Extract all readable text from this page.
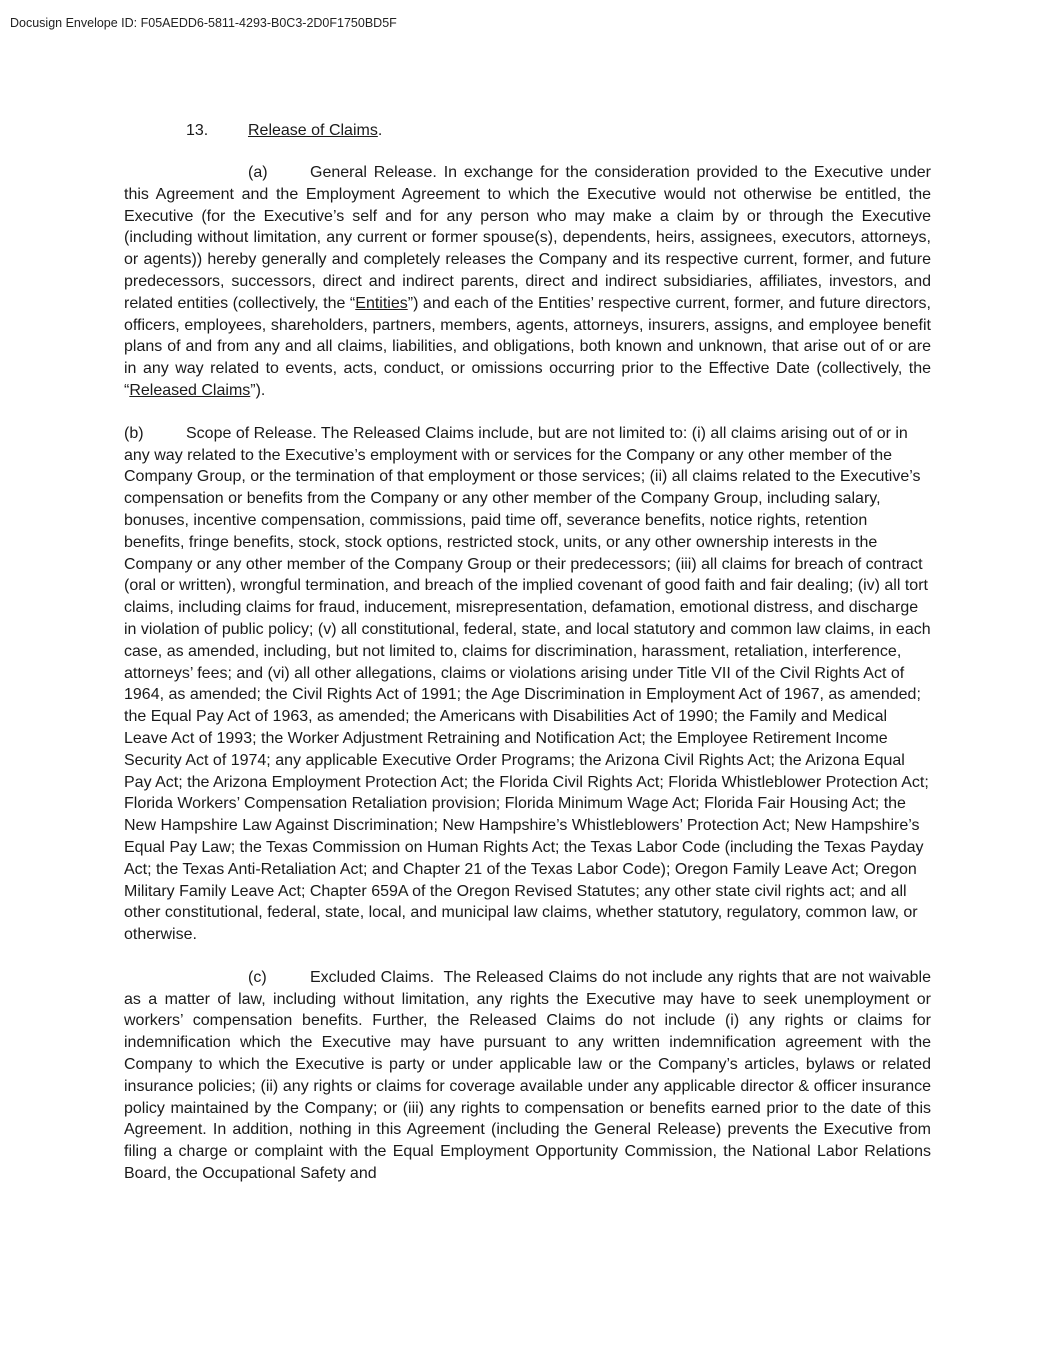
Docusign Envelope ID: F05AEDD6-5811-4293-B0C3-2D0F1750BD5F
13. Release of Claims.

(a)	General Release. In exchange for the consideration provided to the Executive under this Agreement and the Employment Agreement to which the Executive would not otherwise be entitled, the Executive (for the Executive’s self and for any person who may make a claim by or through the Executive (including without limitation, any current or former spouse(s), dependents, heirs, assignees, executors, attorneys, or agents)) hereby generally and completely releases the Company and its respective current, former, and future predecessors, successors, direct and indirect parents, direct and indirect subsidiaries, affiliates, investors, and related entities (collectively, the “Entities”) and each of the Entities’ respective current, former, and future directors, officers, employees, shareholders, partners, members, agents, attorneys, insurers, assigns, and employee benefit plans of and from any and all claims, liabilities, and obligations, both known and unknown, that arise out of or are in any way related to events, acts, conduct, or omissions occurring prior to the Effective Date (collectively, the “Released Claims”).

(b)	Scope of Release. The Released Claims include, but are not limited to: (i) all claims arising out of or in any way related to the Executive’s employment with or services for the Company or any other member of the Company Group, or the termination of that employment or those services; (ii) all claims related to the Executive’s compensation or benefits from the Company or any other member of the Company Group, including salary, bonuses, incentive compensation, commissions, paid time off, severance benefits, notice rights, retention benefits, fringe benefits, stock, stock options, restricted stock, units, or any other ownership interests in the Company or any other member of the Company Group or their predecessors; (iii) all claims for breach of contract (oral or written), wrongful termination, and breach of the implied covenant of good faith and fair dealing; (iv) all tort claims, including claims for fraud, inducement, misrepresentation, defamation, emotional distress, and discharge in violation of public policy; (v) all constitutional, federal, state, and local statutory and common law claims, in each case, as amended, including, but not limited to, claims for discrimination, harassment, retaliation, interference, attorneys’ fees; and (vi) all other allegations, claims or violations arising under Title VII of the Civil Rights Act of 1964, as amended; the Civil Rights Act of 1991; the Age Discrimination in Employment Act of 1967, as amended; the Equal Pay Act of 1963, as amended; the Americans with Disabilities Act of 1990; the Family and Medical Leave Act of 1993; the Worker Adjustment Retraining and Notification Act; the Employee Retirement Income Security Act of 1974; any applicable Executive Order Programs; the Arizona Civil Rights Act; the Arizona Equal Pay Act; the Arizona Employment Protection Act; the Florida Civil Rights Act; Florida Whistleblower Protection Act; Florida Workers’ Compensation Retaliation provision; Florida Minimum Wage Act; Florida Fair Housing Act; the New Hampshire Law Against Discrimination; New Hampshire’s Whistleblowers’ Protection Act; New Hampshire’s Equal Pay Law; the Texas Commission on Human Rights Act; the Texas Labor Code (including the Texas Payday Act; the Texas Anti-Retaliation Act; and Chapter 21 of the Texas Labor Code); Oregon Family Leave Act; Oregon Military Family Leave Act; Chapter 659A of the Oregon Revised Statutes; any other state civil rights act; and all other constitutional, federal, state, local, and municipal law claims, whether statutory, regulatory, common law, or otherwise.

(c)	Excluded Claims. The Released Claims do not include any rights that are not waivable as a matter of law, including without limitation, any rights the Executive may have to seek unemployment or workers’ compensation benefits. Further, the Released Claims do not include (i) any rights or claims for indemnification which the Executive may have pursuant to any written indemnification agreement with the Company to which the Executive is party or under applicable law or the Company’s articles, bylaws or related insurance policies; (ii) any rights or claims for coverage available under any applicable director & officer insurance policy maintained by the Company; or (iii) any rights to compensation or benefits earned prior to the date of this Agreement. In addition, nothing in this Agreement (including the General Release) prevents the Executive from filing a charge or complaint with the Equal Employment Opportunity Commission, the National Labor Relations Board, the Occupational Safety and
